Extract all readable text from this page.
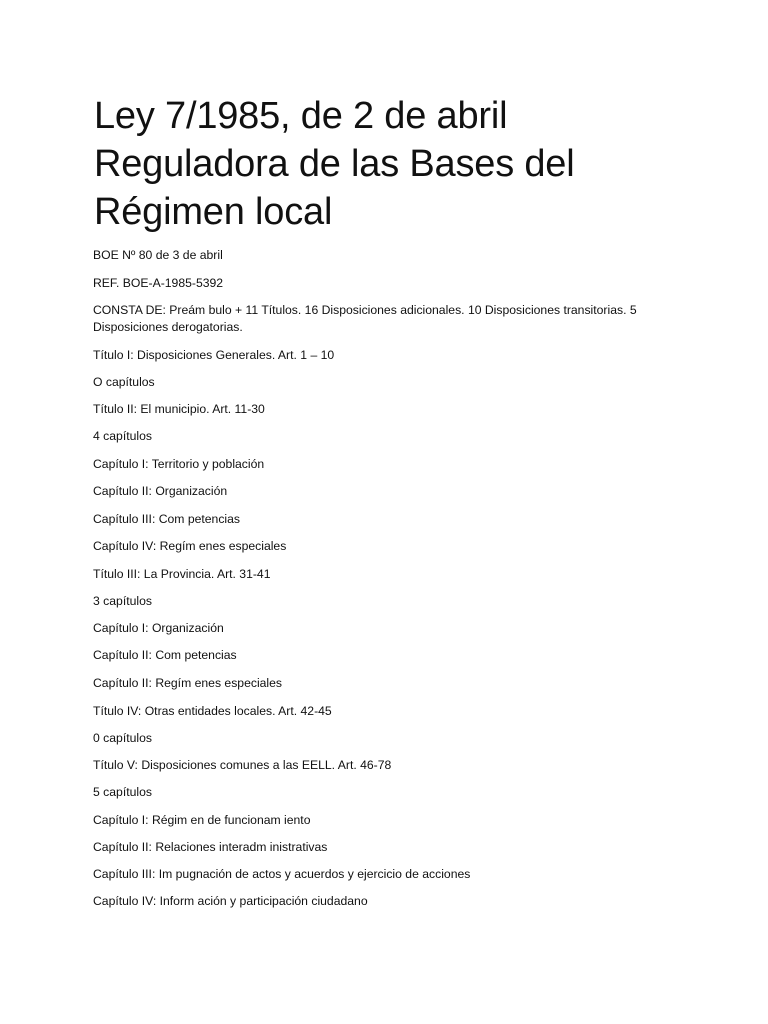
Ley 7/1985, de 2 de abril
Reguladora de las Bases del
Régimen local

BOE Nº 80 de 3 de abril

REF. BOE-A-1985-5392

CONSTA DE: Preám bulo + 11 Títulos. 16 Disposiciones adicionales. 10 Disposiciones transitorias. 5 Disposiciones derogatorias.

Título I: Disposiciones Generales. Art. 1 – 10

O capítulos

Título II: El municipio. Art. 11-30

4 capítulos

Capítulo I: Territorio y población

Capítulo II: Organización

Capítulo III: Com petencias

Capítulo IV: Regím enes especiales

Título III: La Provincia. Art. 31-41

3 capítulos

Capítulo I: Organización

Capítulo II: Com petencias

Capítulo II: Regím enes especiales

Título IV: Otras entidades locales. Art. 42-45

0 capítulos

Título V: Disposiciones comunes a las EELL. Art. 46-78

5 capítulos

Capítulo I: Régim en de funcionam iento

Capítulo II: Relaciones interadm inistrativas

Capítulo III: Im pugnación de actos y acuerdos y ejercicio de acciones

Capítulo IV: Inform ación y participación ciudadano
